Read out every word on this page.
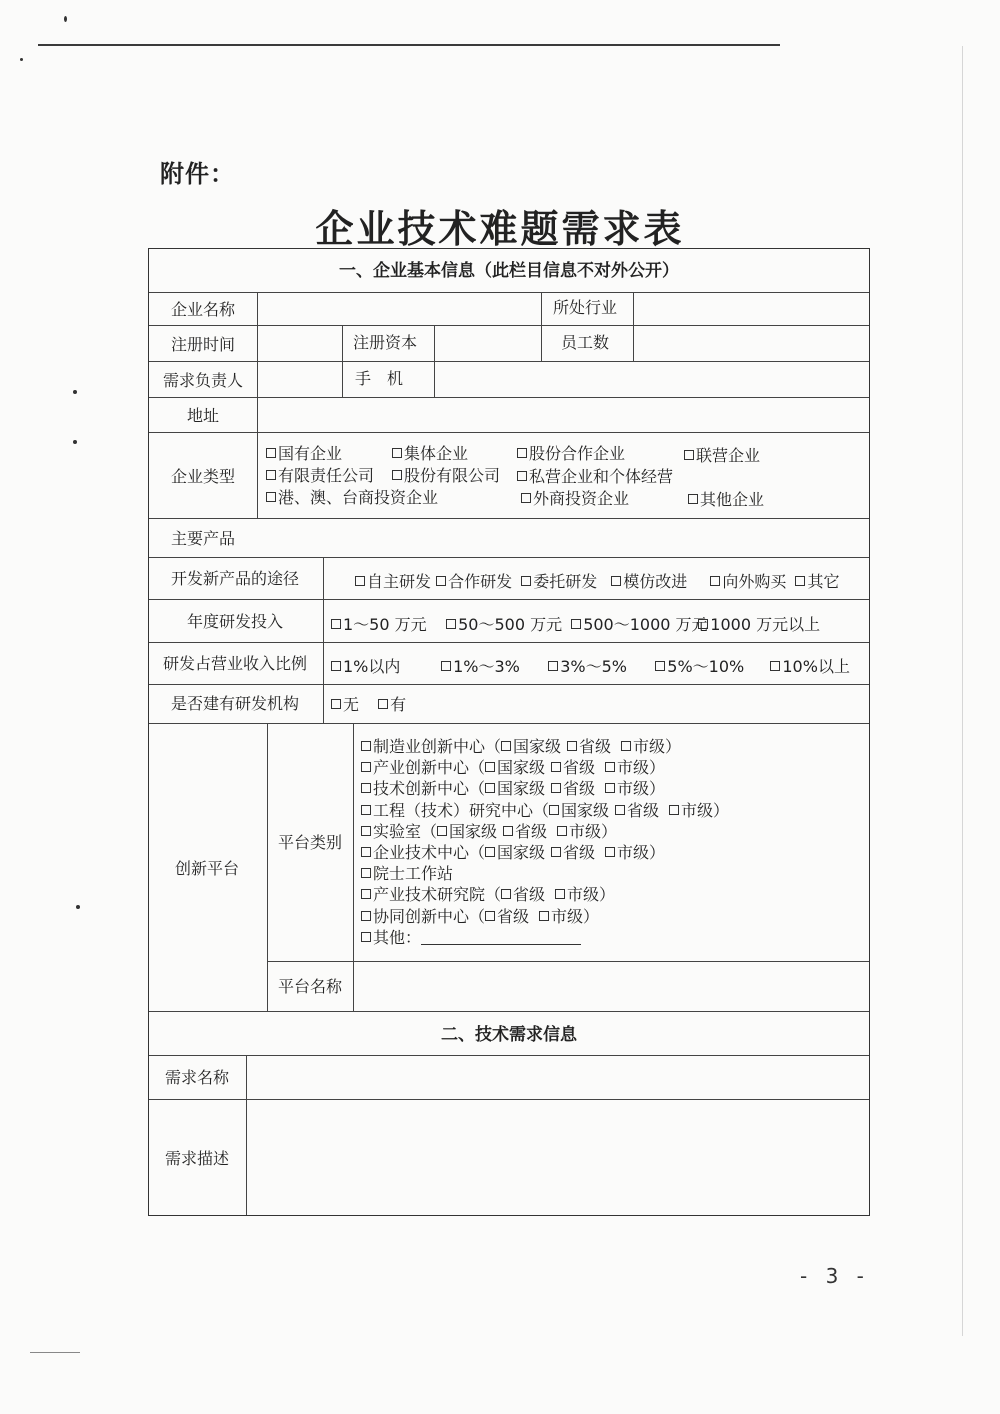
附件：
企业技术难题需求表
一、企业基本信息（此栏目信息不对外公开）
企业名称	所处行业
注册时间	注册资本	员工数
需求负责人	手　机
地址
企业类型
国有企业	集体企业	股份合作企业	联营企业
有限责任公司	股份有限公司	私营企业和个体经营
港、澳、台商投资企业	外商投资企业	其他企业
主要产品
开发新产品的途径	自主研发 合作研发 委托研发 模仿改进 向外购买 其它
年度研发投入	1～50 万元 50～500 万元 500～1000 万元 1000 万元以上
研发占营业收入比例	1%以内	1%～3%	3%～5%	5%～10% 10%以上
是否建有研发机构	无 有
创新平台
平台类别
制造业创新中心（ 国家级 省级 市级）
产业创新中心（ 国家级 省级 市级）
技术创新中心（ 国家级 省级 市级）
工程（技术）研究中心（ 国家级 省级 市级）
实验室（ 国家级 省级 市级）
企业技术中心（ 国家级 省级 市级）
院士工作站
产业技术研究院（ 省级 市级）
协同创新中心（ 省级 市级）
其他：
平台名称
二、技术需求信息
需求名称
需求描述
- 3 -
